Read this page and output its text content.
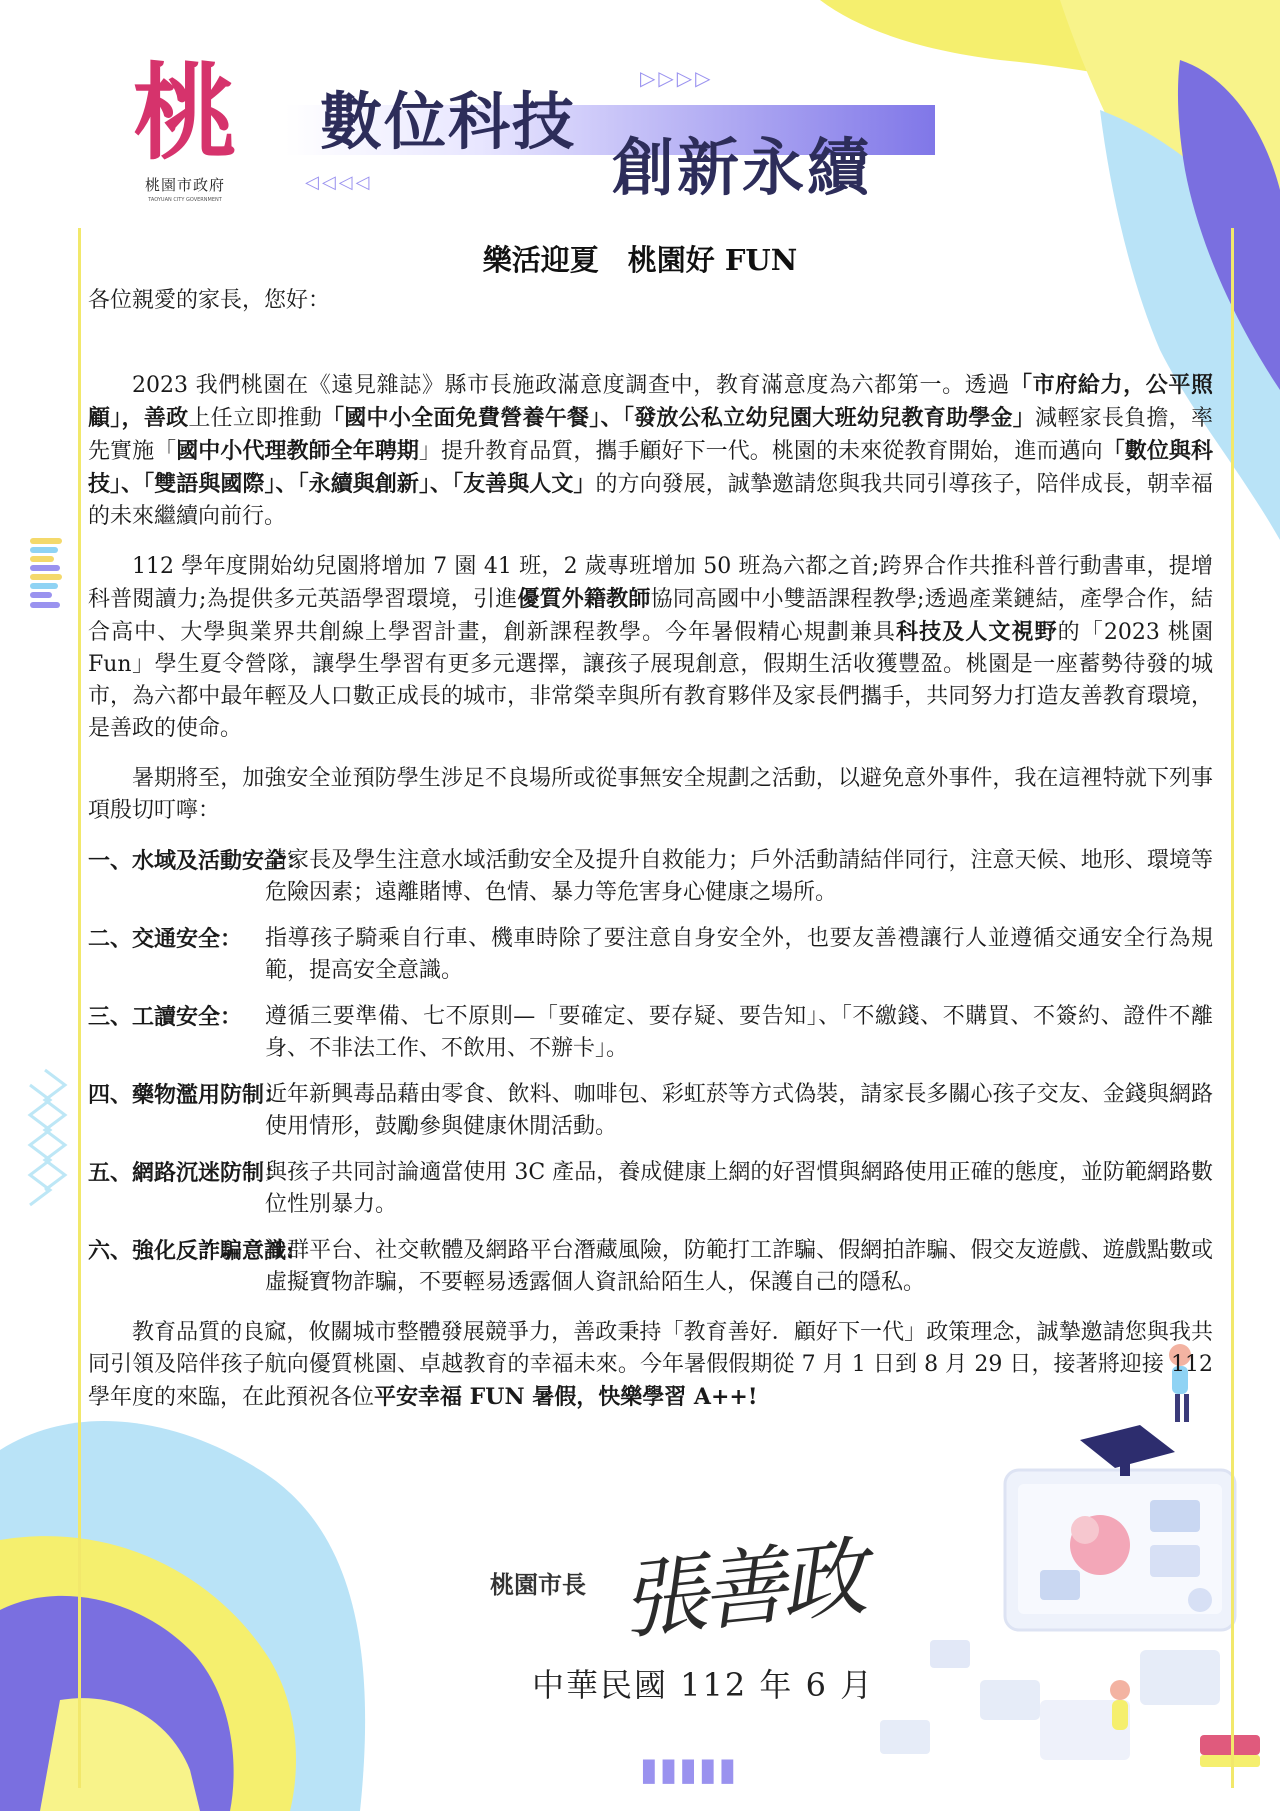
桃
桃園市政府
TAOYUAN CITY GOVERNMENT
▷▷▷▷
數位科技
創新永續
◁◁◁◁
樂活迎夏　桃園好 FUN

各位親愛的家長，您好：

2023 我們桃園在《遠見雜誌》縣市長施政滿意度調查中，教育滿意度為六都第一。透過「市府給力，公平照顧」，善政上任立即推動「國中小全面免費營養午餐」、「發放公私立幼兒園大班幼兒教育助學金」減輕家長負擔，率先實施「國中小代理教師全年聘期」提升教育品質，攜手顧好下一代。桃園的未來從教育開始，進而邁向「數位與科技」、「雙語與國際」、「永續與創新」、「友善與人文」的方向發展，誠摯邀請您與我共同引導孩子，陪伴成長，朝幸福的未來繼續向前行。

112 學年度開始幼兒園將增加 7 園 41 班，2 歲專班增加 50 班為六都之首;跨界合作共推科普行動書車，提增科普閱讀力;為提供多元英語學習環境，引進優質外籍教師協同高國中小雙語課程教學;透過產業鏈結，產學合作，結合高中、大學與業界共創線上學習計畫，創新課程教學。今年暑假精心規劃兼具科技及人文視野的「2023 桃園 Fun」學生夏令營隊，讓學生學習有更多元選擇，讓孩子展現創意，假期生活收獲豐盈。桃園是一座蓄勢待發的城市，為六都中最年輕及人口數正成長的城市，非常榮幸與所有教育夥伴及家長們攜手，共同努力打造友善教育環境，是善政的使命。

暑期將至，加強安全並預防學生涉足不良場所或從事無安全規劃之活動，以避免意外事件，我在這裡特就下列事項殷切叮嚀：

一、水域及活動安全：
請家長及學生注意水域活動安全及提升自救能力；戶外活動請結伴同行，注意天候、地形、環境等危險因素；遠離賭博、色情、暴力等危害身心健康之場所。
二、交通安全： 指導孩子騎乘自行車、機車時除了要注意自身安全外，也要友善禮讓行人並遵循交通安全行為規範，提高安全意識。
三、工讀安全： 遵循三要準備、七不原則—「要確定、要存疑、要告知」、「不繳錢、不購買、不簽約、證件不離身、不非法工作、不飲用、不辦卡」。
四、藥物濫用防制：
近年新興毒品藉由零食、飲料、咖啡包、彩虹菸等方式偽裝，請家長多關心孩子交友、金錢與網路使用情形，鼓勵參與健康休閒活動。
五、網路沉迷防制：
與孩子共同討論適當使用 3C 產品，養成健康上網的好習慣與網路使用正確的態度，並防範網路數位性別暴力。
六、強化反詐騙意識:
社群平台、社交軟體及網路平台潛藏風險，防範打工詐騙、假網拍詐騙、假交友遊戲、遊戲點數或虛擬寶物詐騙，不要輕易透露個人資訊給陌生人，保護自己的隱私。

教育品質的良窳，攸關城市整體發展競爭力，善政秉持「教育善好．顧好下一代」政策理念，誠摯邀請您與我共同引領及陪伴孩子航向優質桃園、卓越教育的幸福未來。今年暑假假期從 7 月 1 日到 8 月 29 日，接著將迎接 112 學年度的來臨，在此預祝各位平安幸福 FUN 暑假，快樂學習 A++!

桃園市長 張善政
中華民國 112 年 6 月
▮▮▮▮▮
